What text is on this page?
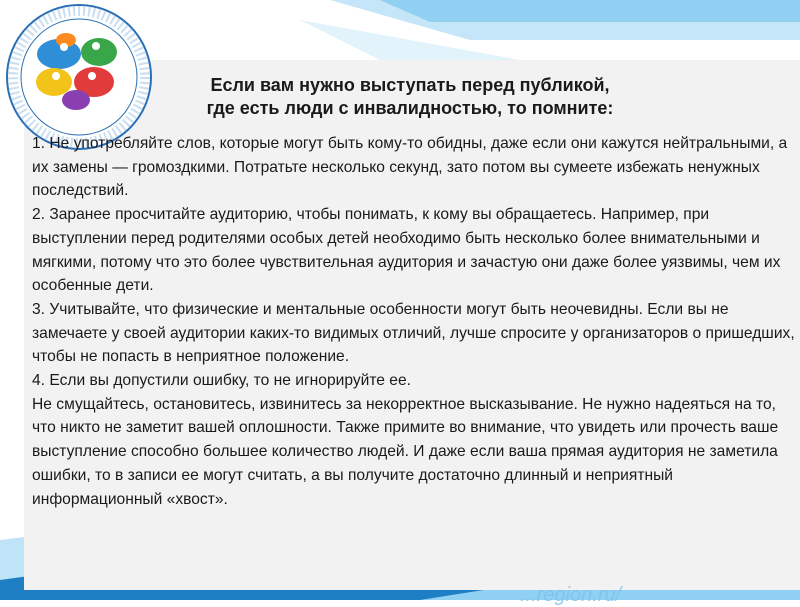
Если вам нужно выступать перед публикой,
где есть люди с инвалидностью, то помните:

1. Не употребляйте слов, которые могут быть кому-то обидны, даже если они кажутся нейтральными, а их замены — громоздкими. Потратьте несколько секунд, зато потом вы сумеете избежать ненужных последствий.

2. Заранее просчитайте аудиторию, чтобы понимать, к кому вы обращаетесь. Например, при выступлении перед родителями особых детей необходимо быть несколько более внимательными и мягкими, потому что это более чувствительная аудитория и зачастую они даже более уязвимы, чем их особенные дети.

3. Учитывайте, что физические и ментальные особенности могут быть неочевидны. Если вы не замечаете у своей аудитории каких-то видимых отличий, лучше спросите у организаторов о пришедших, чтобы не попасть в неприятное положение.

4. Если вы допустили ошибку, то не игнорируйте ее.

Не смущайтесь, остановитесь, извинитесь за некорректное высказывание. Не нужно надеяться на то, что никто не заметит вашей оплошности. Также примите во внимание, что увидеть или прочесть ваше выступление способно большее количество людей. И даже если ваша прямая аудитория не заметила ошибки, то в записи ее могут считать, а вы получите достаточно длинный и неприятный информационный «хвост».

...region.ru/
